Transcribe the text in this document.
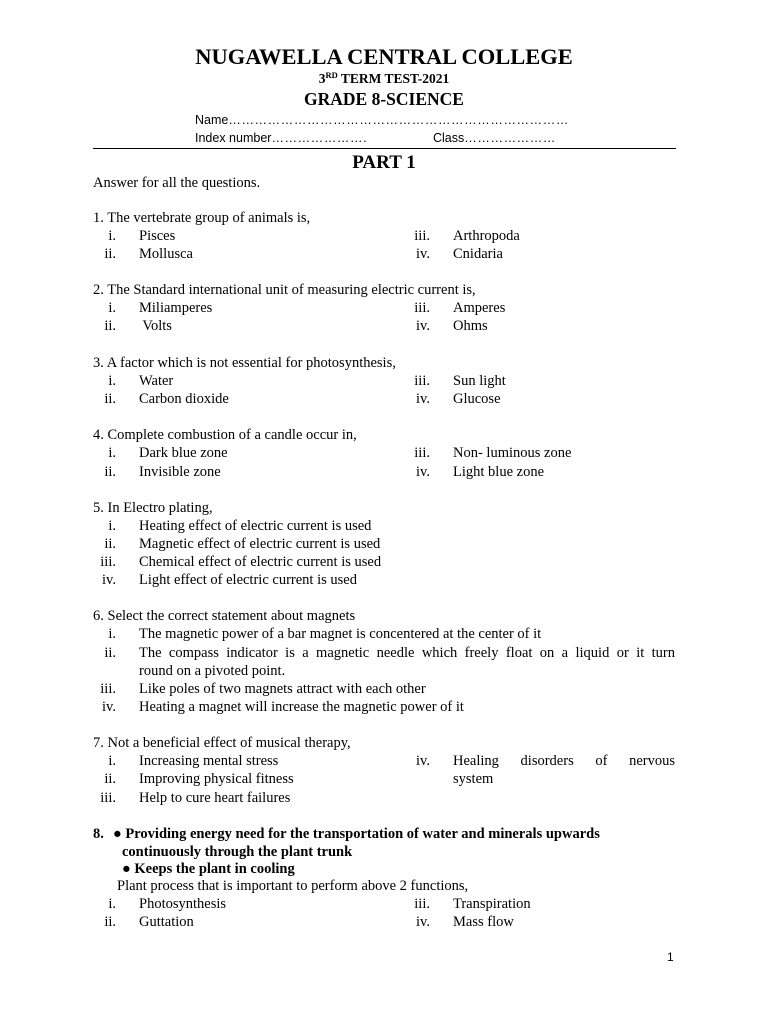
NUGAWELLA CENTRAL COLLEGE
3RD TERM TEST-2021
GRADE 8-SCIENCE
Name……………………………………………………………………
Index number………………….	Class…………………
PART 1
Answer for all the questions.
1. The vertebrate group of animals is,
i. Pisces	iii. Arthropoda
ii. Mollusca	iv. Cnidaria
2. The Standard international unit of measuring electric current is,
i. Miliamperes	iii. Amperes
ii. Volts	iv. Ohms
3. A factor which is not essential for photosynthesis,
i. Water	iii. Sun light
ii. Carbon dioxide	iv. Glucose
4. Complete combustion of a candle occur in,
i. Dark blue zone	iii. Non- luminous zone
ii. Invisible zone	iv. Light blue zone
5. In Electro plating,
i. Heating effect of electric current is used
ii. Magnetic effect of electric current is used
iii. Chemical effect of electric current is used
iv. Light effect of electric current is used
6. Select the correct statement about magnets
i. The magnetic power of a bar magnet is concentered at the center of it
ii. The compass indicator is a magnetic needle which freely float on a liquid or it turn
round on a pivoted point.
iii. Like poles of two magnets attract with each other
iv. Heating a magnet will increase the magnetic power of it
7. Not a beneficial effect of musical therapy,
i. Increasing mental stress	iv. Healing disorders of nervous
system
ii. Improving physical fitness
iii. Help to cure heart failures
8. ● Providing energy need for the transportation of water and minerals upwards
continuously through the plant trunk
● Keeps the plant in cooling
Plant process that is important to perform above 2 functions,
i. Photosynthesis	iii. Transpiration
ii. Guttation	iv. Mass flow
1
